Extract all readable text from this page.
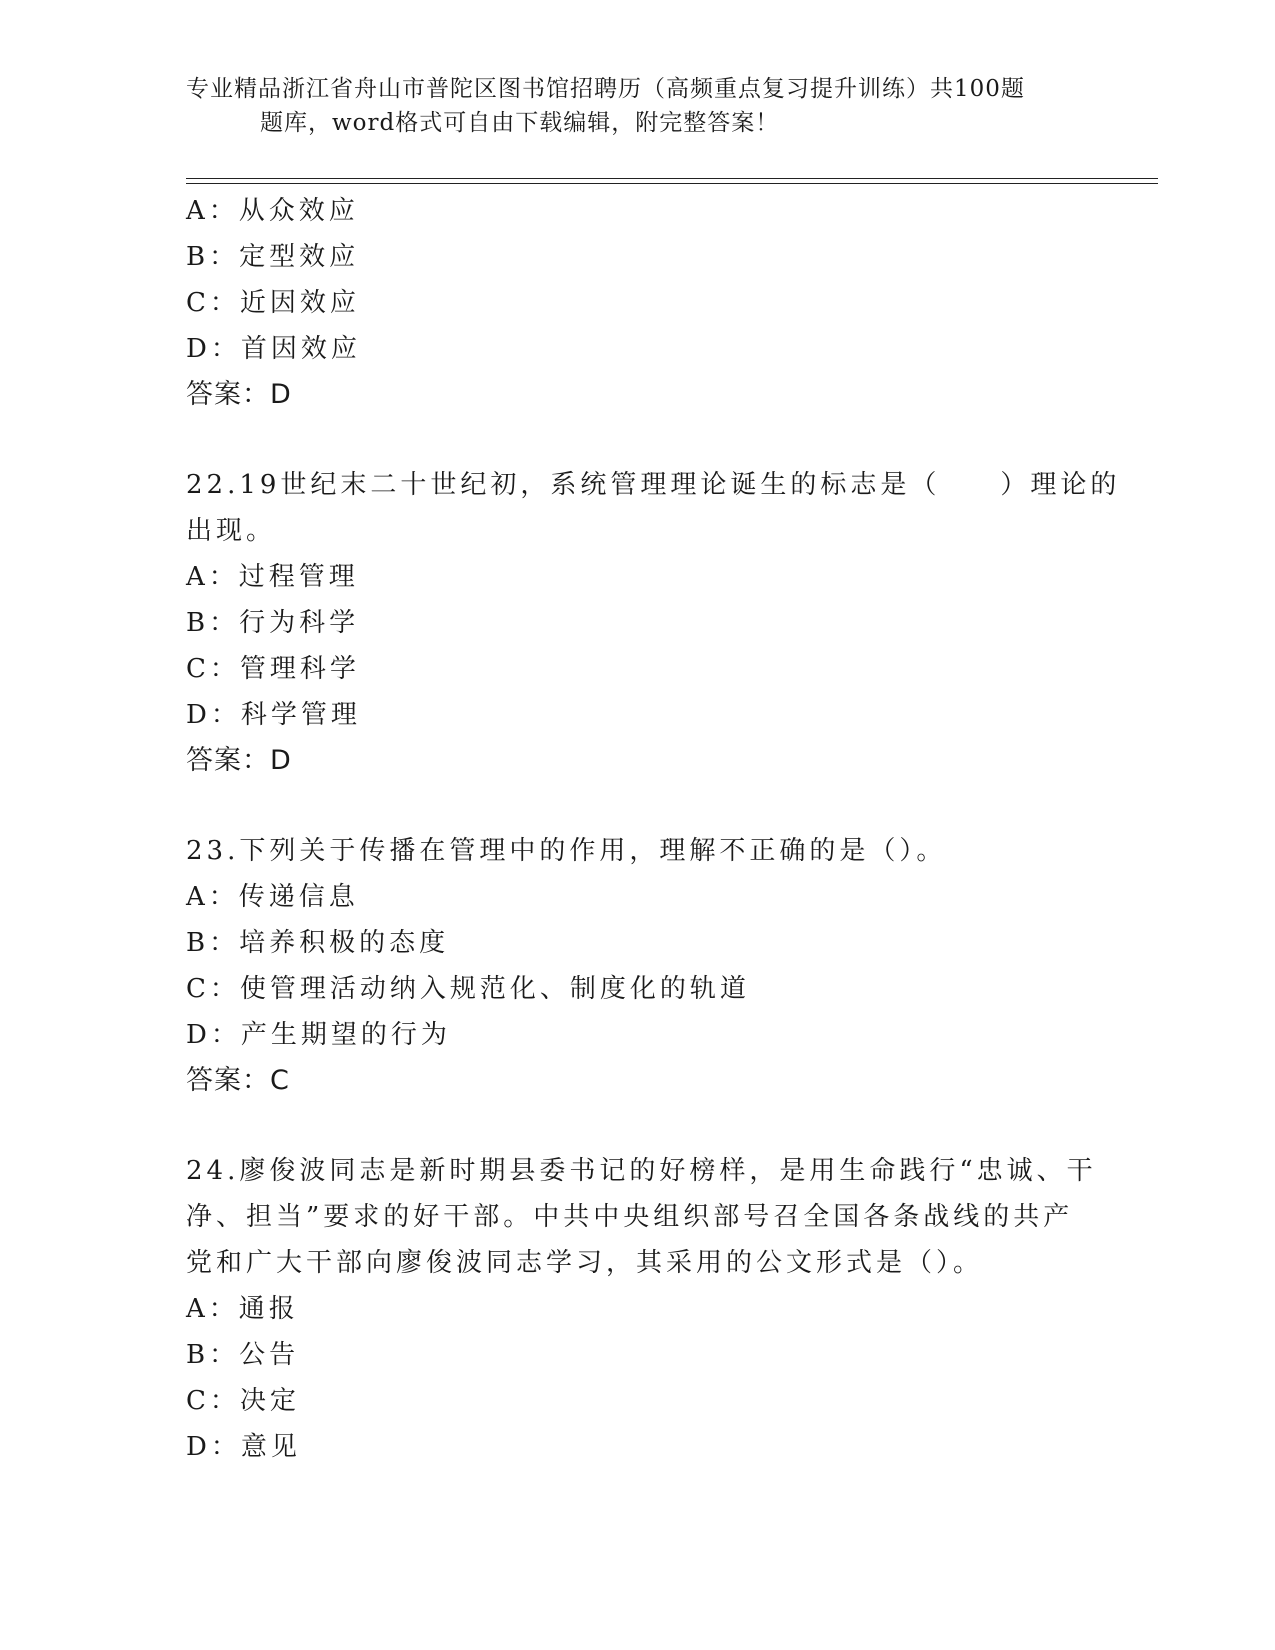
专业精品浙江省舟山市普陀区图书馆招聘历（高频重点复习提升训练）共100题
题库，word格式可自由下载编辑，附完整答案！
A：从众效应
B：定型效应
C：近因效应
D：首因效应
答案：D
22.19世纪末二十世纪初，系统管理理论诞生的标志是（　　）理论的
出现。
A：过程管理
B：行为科学
C：管理科学
D：科学管理
答案：D
23.下列关于传播在管理中的作用，理解不正确的是（）。
A：传递信息
B：培养积极的态度
C：使管理活动纳入规范化、制度化的轨道
D：产生期望的行为
答案：C
24.廖俊波同志是新时期县委书记的好榜样，是用生命践行“忠诚、干
净、担当”要求的好干部。中共中央组织部号召全国各条战线的共产
党和广大干部向廖俊波同志学习，其采用的公文形式是（）。
A：通报
B：公告
C：决定
D：意见
